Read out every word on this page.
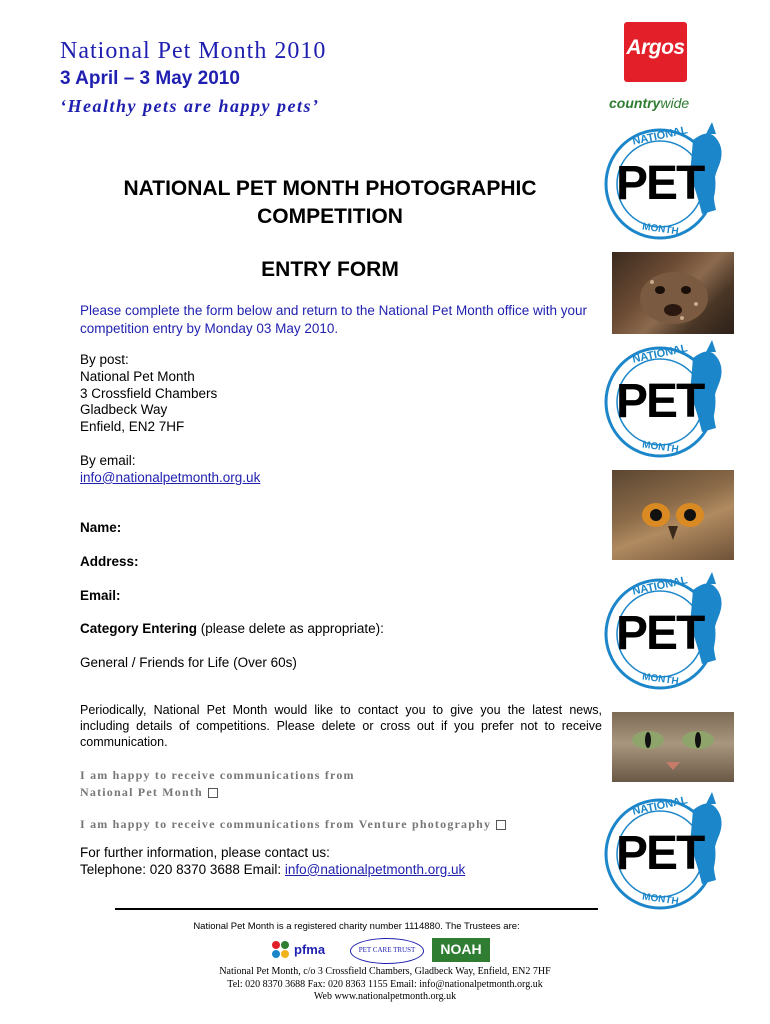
National Pet Month 2010
3 April – 3 May 2010
‘Healthy pets are happy pets’
Argos
countrywide
NATIONAL
PET
MONTH
NATIONAL
PET
MONTH
NATIONAL
PET
MONTH
NATIONAL
PET
MONTH
NATIONAL PET MONTH PHOTOGRAPHIC
COMPETITION
ENTRY FORM
Please complete the form below and return to the National Pet Month office with your competition entry by Monday 03 May 2010.
By post:
National Pet Month
3 Crossfield Chambers
Gladbeck Way
Enfield, EN2 7HF
By email:
info@nationalpetmonth.org.uk
Name:
Address:
Email:
Category Entering (please delete as appropriate):
General / Friends for Life (Over 60s)
Periodically, National Pet Month would like to contact you to give you the latest news, including details of competitions. Please delete or cross out if you prefer not to receive communication.
I am happy to receive communications from
National Pet Month
I am happy to receive communications from Venture photography
For further information, please contact us:
Telephone: 020 8370 3688 Email: info@nationalpetmonth.org.uk
National Pet Month is a registered charity number 1114880. The Trustees are:
pfma	PET CARE TRUST	NOAH
National Pet Month, c/o 3 Crossfield Chambers, Gladbeck Way, Enfield, EN2 7HF
Tel: 020 8370 3688 Fax: 020 8363 1155 Email: info@nationalpetmonth.org.uk
Web www.nationalpetmonth.org.uk
